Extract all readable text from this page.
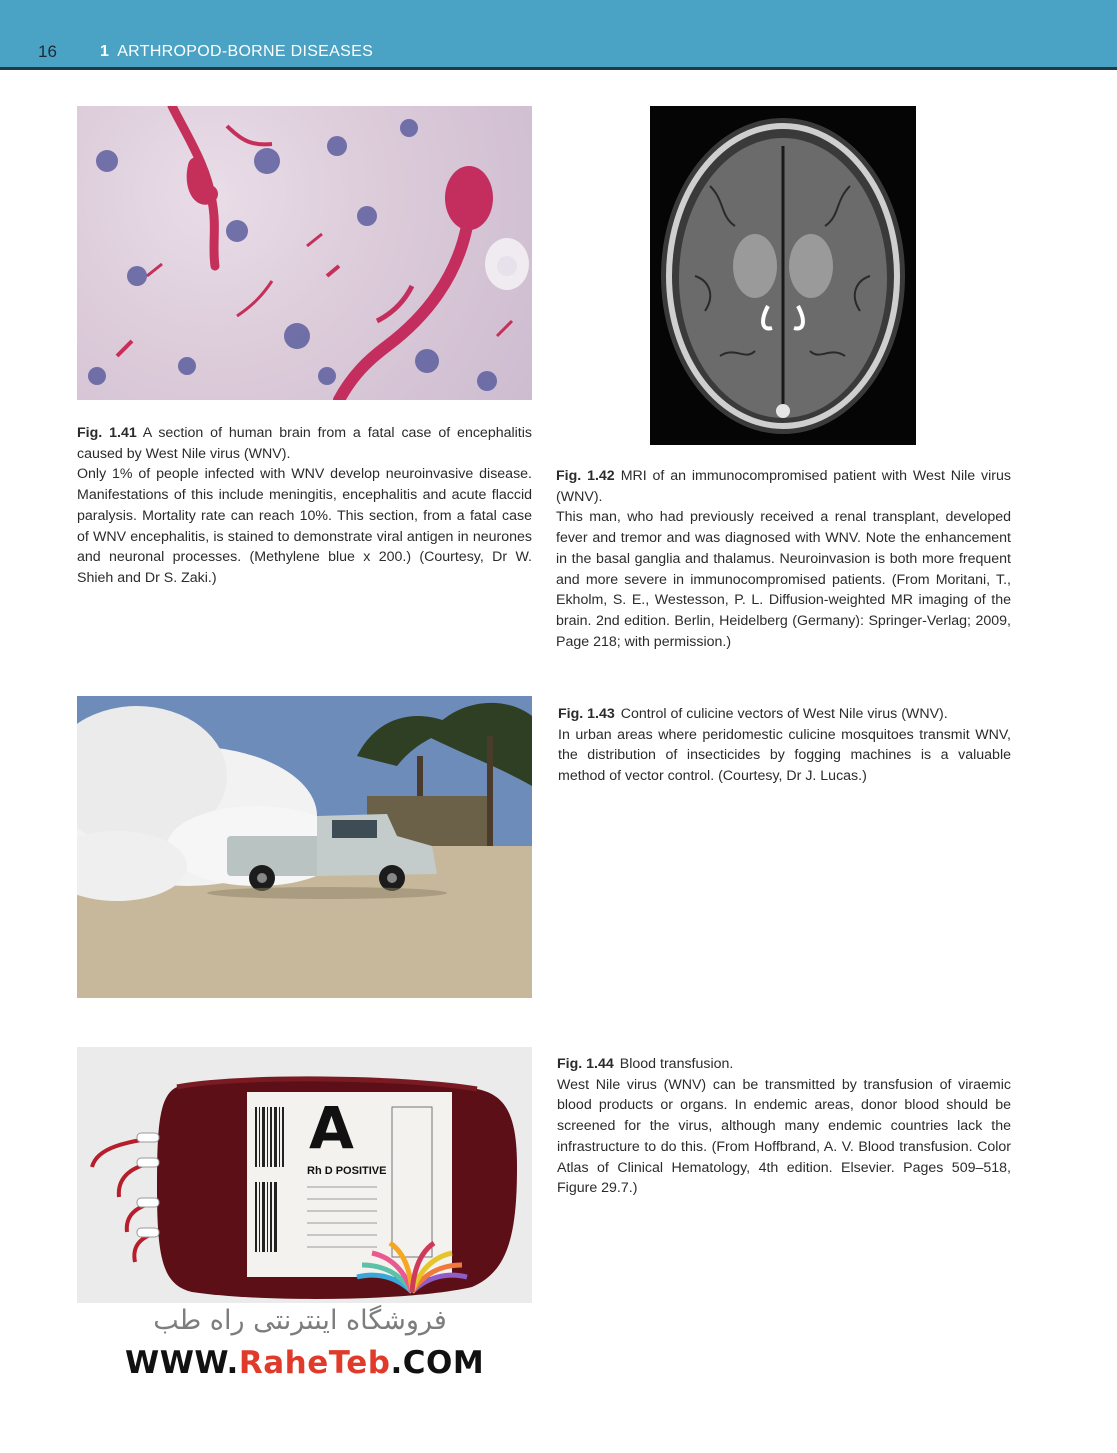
16	1 ARTHROPOD-BORNE DISEASES
Fig. 1.41 A section of human brain from a fatal case of encephalitis caused by West Nile virus (WNV).
Only 1% of people infected with WNV develop neuroinvasive disease. Manifestations of this include meningitis, encephalitis and acute flaccid paralysis. Mortality rate can reach 10%. This section, from a fatal case of WNV encephalitis, is stained to demonstrate viral antigen in neurones and neuronal processes. (Methylene blue x 200.) (Courtesy, Dr W. Shieh and Dr S. Zaki.)
Fig. 1.42 MRI of an immunocompromised patient with West Nile virus (WNV).
This man, who had previously received a renal transplant, developed fever and tremor and was diagnosed with WNV. Note the enhancement in the basal ganglia and thalamus. Neuroinvasion is both more frequent and more severe in immunocompromised patients. (From Moritani, T., Ekholm, S. E., Westesson, P. L. Diffusion-weighted MR imaging of the brain. 2nd edition. Berlin, Heidelberg (Germany): Springer-Verlag; 2009, Page 218; with permission.)
Fig. 1.43 Control of culicine vectors of West Nile virus (WNV).
In urban areas where peridomestic culicine mosquitoes transmit WNV, the distribution of insecticides by fogging machines is a valuable method of vector control. (Courtesy, Dr J. Lucas.)
A
Rh D POSITIVE
Fig. 1.44 Blood transfusion.
West Nile virus (WNV) can be transmitted by transfusion of viraemic blood products or organs. In endemic areas, donor blood should be screened for the virus, although many endemic countries lack the infrastructure to do this. (From Hoffbrand, A. V. Blood transfusion. Color Atlas of Clinical Hematology, 4th edition. Elsevier. Pages 509–518, Figure 29.7.)
فروشگاه اینترنتی راه طب
WWW.RaheTeb.COM
